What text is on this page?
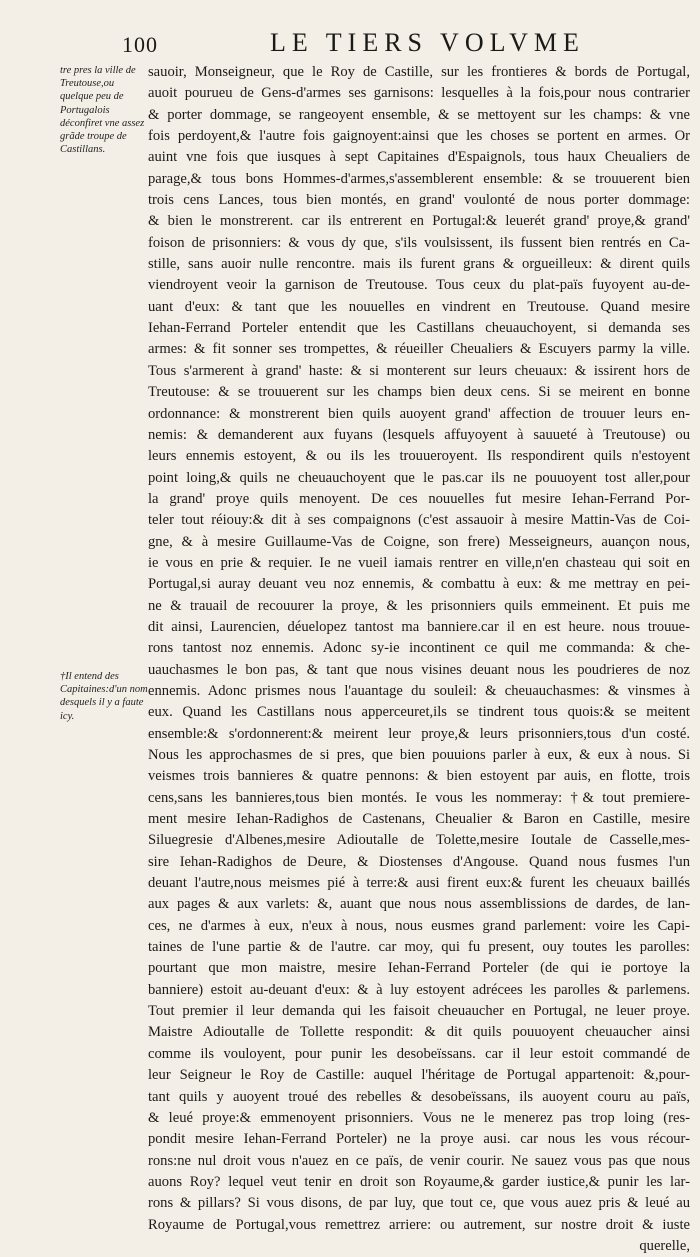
100	LE TIERS VOLVME
tre pres la ville de Treutouse,ou quelque peu de Portugalois déconfiret vne assez grãde troupe de Castillans.
†Il entend des Capitaines:d'un nom desquels il y a faute icy.
sauoir, Monseigneur, que le Roy de Castille, sur les frontieres & bords de Portugal,
auoit pourueu de Gens-d'armes ses garnisons: lesquelles à la fois,pour nous contrarier
& porter dommage, se rangeoyent ensemble, & se mettoyent sur les champs: & vne
fois perdoyent,& l'autre fois gaignoyent:ainsi que les choses se portent en armes. Or
auint vne fois que iusques à sept Capitaines d'Espaignols, tous haux Cheualiers de
parage,& tous bons Hommes-d'armes,s'assemblerent ensemble: & se trouuerent bien
trois cens Lances, tous bien montés, en grand' voulonté de nous porter dommage:
& bien le monstrerent. car ils entrerent en Portugal:& leuerét grand' proye,& grand'
foison de prisonniers: & vous dy que, s'ils voulsissent, ils fussent bien rentrés en Ca-
stille, sans auoir nulle rencontre. mais ils furent grans & orgueilleux: & dirent quils
viendroyent veoir la garnison de Treutouse. Tous ceux du plat-païs fuyoyent au-de-
uant d'eux: & tant que les nouuelles en vindrent en Treutouse. Quand mesire
Iehan-Ferrand Porteler entendit que les Castillans cheuauchoyent, si demanda ses
armes: & fit sonner ses trompettes, & réueiller Cheualiers & Escuyers parmy la ville.
Tous s'armerent à grand' haste: & si monterent sur leurs cheuaux: & issirent hors de
Treutouse: & se trouuerent sur les champs bien deux cens. Si se meirent en bonne
ordonnance: & monstrerent bien quils auoyent grand' affection de trouuer leurs en-
nemis: & demanderent aux fuyans (lesquels affuyoyent à sauueté à Treutouse) ou
leurs ennemis estoyent, & ou ils les trouueroyent. Ils respondirent quils n'estoyent
point loing,& quils ne cheuauchoyent que le pas.car ils ne pouuoyent tost aller,pour
la grand' proye quils menoyent. De ces nouuelles fut mesire Iehan-Ferrand Por-
teler tout réiouy:& dit à ses compaignons (c'est assauoir à mesire Mattin-Vas de Coi-
gne, & à mesire Guillaume-Vas de Coigne, son frere) Messeigneurs, auançon nous,
ie vous en prie & requier. Ie ne vueil iamais rentrer en ville,n'en chasteau qui soit en
Portugal,si auray deuant veu noz ennemis, & combattu à eux: & me mettray en pei-
ne & trauail de recouurer la proye, & les prisonniers quils emmeinent. Et puis me
dit ainsi, Laurencien, déuelopez tantost ma banniere.car il en est heure. nous trouue-
rons tantost noz ennemis. Adonc sy-ie incontinent ce quil me commanda: & che-
uauchasmes le bon pas, & tant que nous visines deuant nous les poudrieres de noz
ennemis. Adonc prismes nous l'auantage du souleil: & cheuauchasmes: & vinsmes à
eux. Quand les Castillans nous apperceuret,ils se tindrent tous quois:& se meitent
ensemble:& s'ordonnerent:& meirent leur proye,& leurs prisonniers,tous d'un costé.
Nous les approchasmes de si pres, que bien pouuions parler à eux, & eux à nous. Si
veismes trois bannieres & quatre pennons: & bien estoyent par auis, en flotte, trois
cens,sans les bannieres,tous bien montés. Ie vous les nommeray: †& tout premiere-
ment mesire Iehan-Radighos de Castenans, Cheualier & Baron en Castille, mesire
Siluegresie d'Albenes,mesire Adioutalle de Tolette,mesire Ioutale de Casselle,mes-
sire Iehan-Radighos de Deure, & Diostenses d'Angouse. Quand nous fusmes l'un
deuant l'autre,nous meismes pié à terre:& ausi firent eux:& furent les cheuaux baillés
aux pages & aux varlets: &, auant que nous nous assemblissions de dardes, de lan-
ces, ne d'armes à eux, n'eux à nous, nous eusmes grand parlement: voire les Capi-
taines de l'une partie & de l'autre. car moy, qui fu present, ouy toutes les parolles:
pourtant que mon maistre, mesire Iehan-Ferrand Porteler (de qui ie portoye la
banniere) estoit au-deuant d'eux: & à luy estoyent adrécees les parolles & parlemens.
Tout premier il leur demanda qui les faisoit cheuaucher en Portugal, ne leuer proye.
Maistre Adioutalle de Tollette respondit: & dit quils pouuoyent cheuaucher ainsi
comme ils vouloyent, pour punir les desobeïssans. car il leur estoit commandé de
leur Seigneur le Roy de Castille: auquel l'héritage de Portugal appartenoit: &,pour-
tant quils y auoyent troué des rebelles & desobeïssans, ils auoyent couru au païs,
& leué proye:& emmenoyent prisonniers. Vous ne le menerez pas trop loing (res-
pondit mesire Iehan-Ferrand Porteler) ne la proye ausi. car nous les vous récour-
rons:ne nul droit vous n'auez en ce païs, de venir courir. Ne sauez vous pas que nous
auons Roy? lequel veut tenir en droit son Royaume,& garder iustice,& punir les lar-
rons & pillars? Si vous disons, de par luy, que tout ce, que vous auez pris & leué au
Royaume de Portugal,vous remettrez arriere: ou autrement, sur nostre droit & iuste
querelle,
